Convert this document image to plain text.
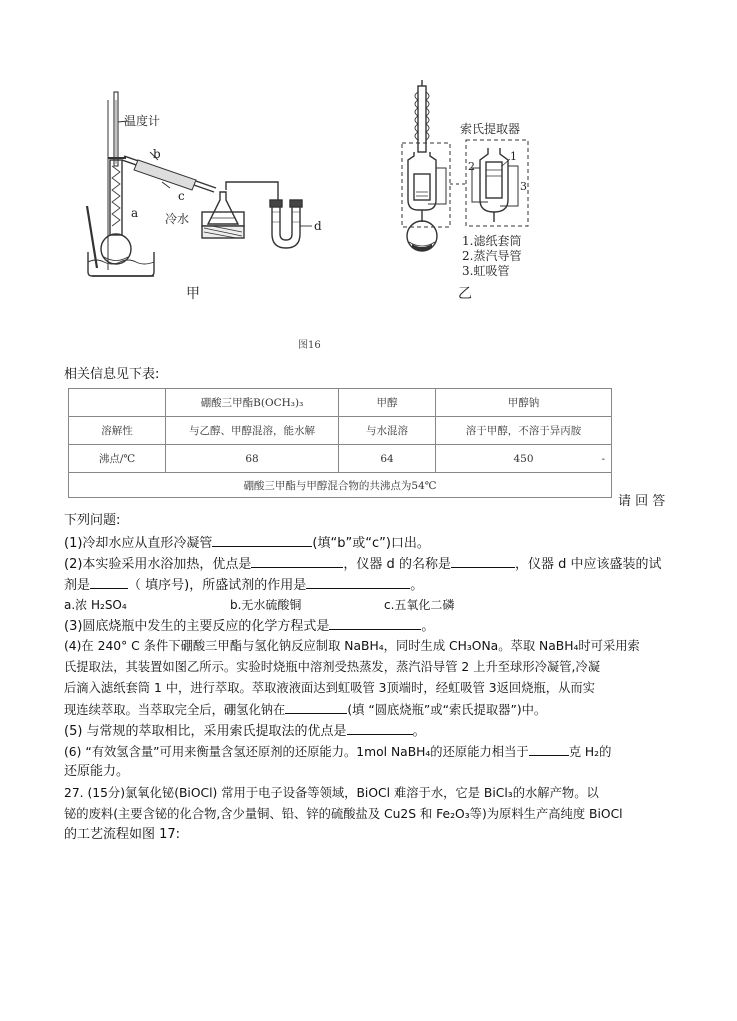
温度计
a
b
c
d
冷水
甲	乙
索氏提取器
1
2
3
1.滤纸套筒
2.蒸汽导管
3.虹吸管
图16
相关信息见下表:
	硼酸三甲酯B(OCH₃)₃	甲醇	甲醇钠
溶解性	与乙醇、甲醇混溶，能水解	与水混溶	溶于甲醇，不溶于异丙胺
沸点/℃	68	64	450 -

硼酸三甲酯与甲醇混合物的共沸点为54℃			
请 回 答
下列问题:
(1)冷却水应从直形冷凝管	(填“b”或“c”)口出。
(2)本实验采用水浴加热，优点是	，仪器 d 的名称是	，仪器 d 中应该盛装的试
剂是	（ 填序号)，所盛试剂的作用是	。
a.浓 H₂SO₄	b.无水硫酸铜	c.五氧化二磷
(3)圆底烧瓶中发生的主要反应的化学方程式是	。
(4)在 240° C 条件下硼酸三甲酯与氢化钠反应制取 NaBH₄，同时生成 CH₃ONa。萃取 NaBH₄时可采用索
氏提取法，其装置如图乙所示。实验时烧瓶中溶剂受热蒸发，蒸汽沿导管 2 上升至球形冷凝管,冷凝
后滴入滤纸套筒 1 中，进行萃取。萃取液液面达到虹吸管 3顶端时，经虹吸管 3返回烧瓶，从而实
现连续萃取。当萃取完全后，硼氢化钠在	(填 “圆底烧瓶”或“索氏提取器”)中。
(5) 与常规的萃取相比，采用索氏提取法的优点是	。
(6) “有效氢含量”可用来衡量含氢还原剂的还原能力。1mol NaBH₄的还原能力相当于	克 H₂的
还原能力。
27. (15分)氯氧化铋(BiOCl) 常用于电子设备等领域，BiOCl 难溶于水，它是 BiCl₃的水解产物。以
铋的废料(主要含铋的化合物,含少量铜、铅、锌的硫酸盐及 Cu2S 和 Fe₂O₃等)为原料生产高纯度 BiOCl
的工艺流程如图 17:
